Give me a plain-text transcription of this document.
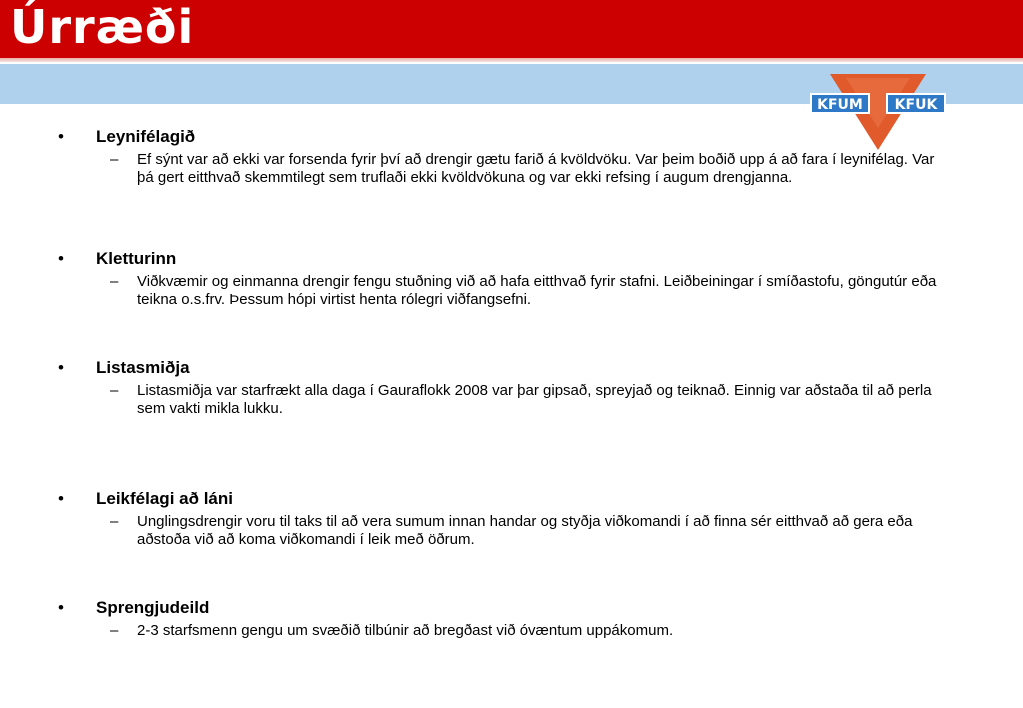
Úrræði
KFUM KFUK
• Leynifélagið
– Ef sýnt var að ekki var forsenda fyrir því að drengir gætu farið á kvöldvöku. Var þeim boðið upp á að fara í leynifélag. Var þá gert eitthvað skemmtilegt sem truflaði ekki kvöldvökuna og var ekki refsing í augum drengjanna.
• Kletturinn
– Viðkvæmir og einmanna drengir fengu stuðning við að hafa eitthvað fyrir stafni. Leiðbeiningar í smíðastofu, göngutúr eða teikna o.s.frv. Þessum hópi virtist henta rólegri viðfangsefni.
• Listasmiðja
– Listasmiðja var starfrækt alla daga í Gauraflokk 2008 var þar gipsað, spreyjað og teiknað. Einnig var aðstaða til að perla sem vakti mikla lukku.
• Leikfélagi að láni
– Unglingsdrengir voru til taks til að vera sumum innan handar og styðja viðkomandi í að finna sér eitthvað að gera eða aðstoða við að koma viðkomandi í leik með öðrum.
• Sprengjudeild
– 2-3 starfsmenn gengu um svæðið tilbúnir að bregðast við óvæntum uppákomum.
